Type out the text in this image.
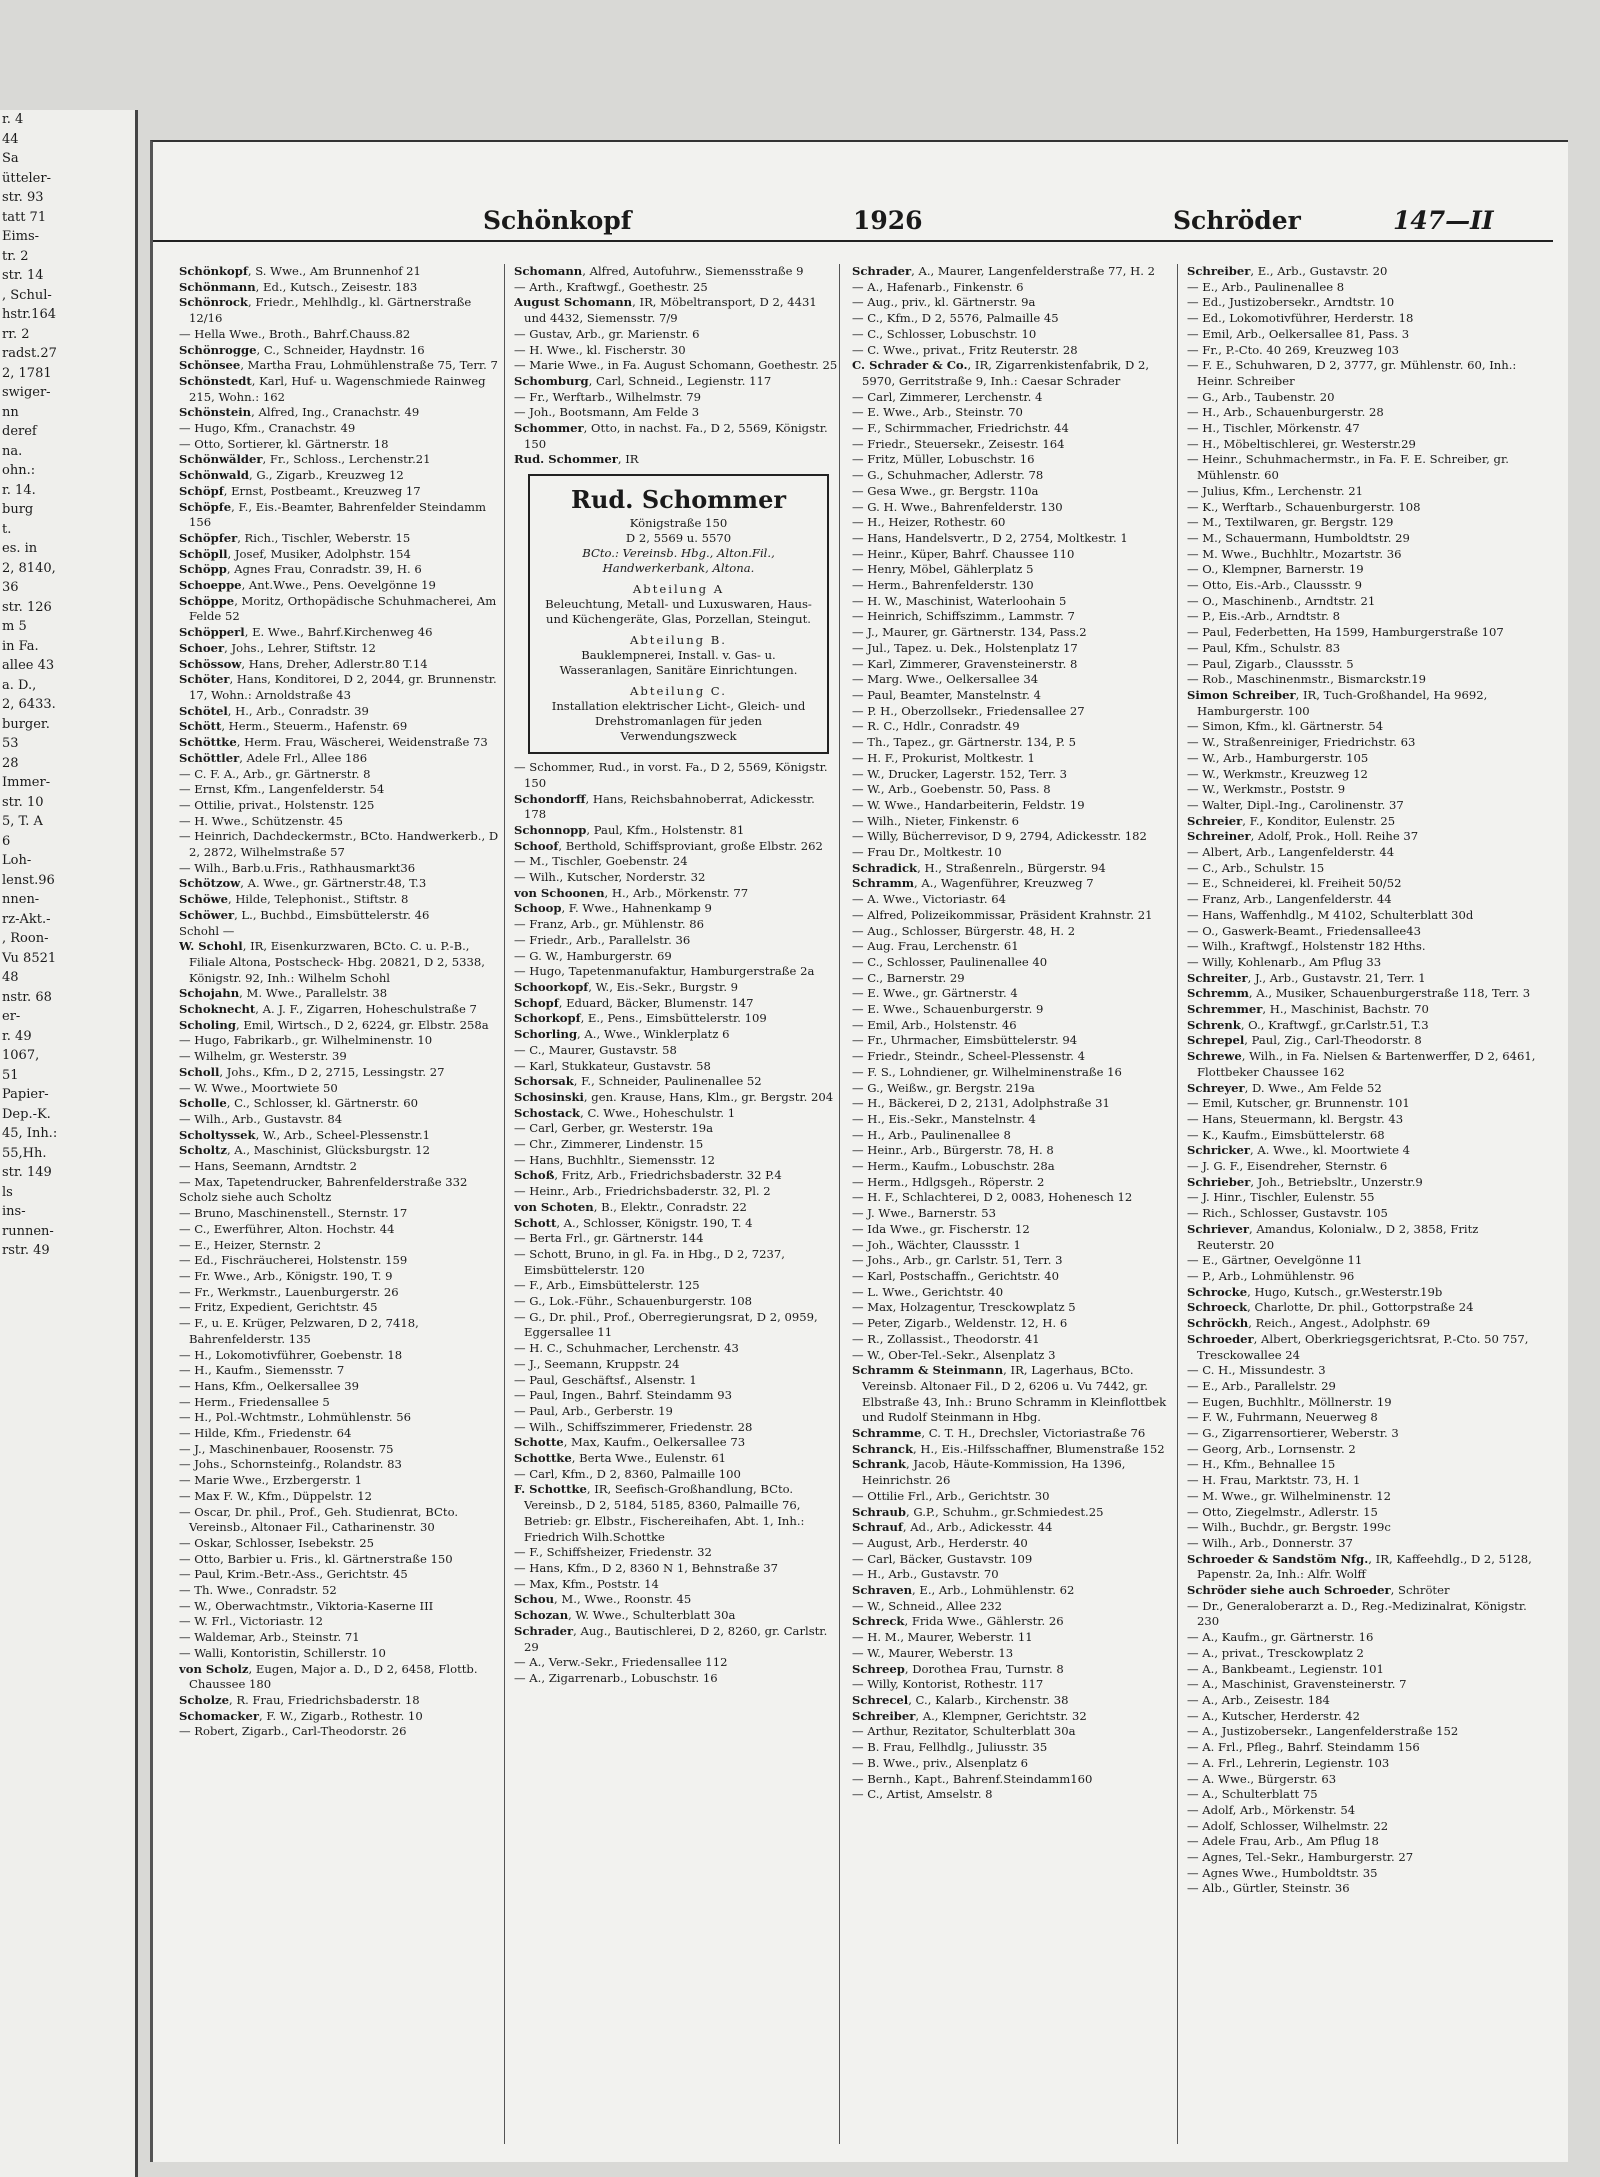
r. 4
44
Sa
ütteler-
str. 93
tatt 71
Eims-
tr. 2
str. 14
, Schul-
hstr.164
rr. 2
radst.27
2, 1781
swiger-
nn
deref
na.
ohn.:
r. 14.
burg
t.
es. in
2, 8140,
36
str. 126
m 5
in Fa.
allee 43
a. D.,
2, 6433.
burger.
53
28
Immer-
str. 10
5, T. A
6
Loh-
lenst.96
nnen-
rz-Akt.-
, Roon-
Vu 8521
48
nstr. 68
er-
r. 49
1067,
51
Papier-
Dep.-K.
45, Inh.:
55,Hh.
str. 149
ls
ins-
runnen-
rstr. 49
Schönkopf	1926	Schröder	147—II

Schönkopf, S. Wwe., Am Brunnenhof 21

Schönmann, Ed., Kutsch., Zeisestr. 183

Schönrock, Friedr., Mehlhdlg., kl. Gärtnerstraße 12/16

— Hella Wwe., Broth., Bahrf.Chauss.82

Schönrogge, C., Schneider, Haydnstr. 16

Schönsee, Martha Frau, Lohmühlenstraße 75, Terr. 7

Schönstedt, Karl, Huf- u. Wagenschmiede Rainweg 215, Wohn.: 162

Schönstein, Alfred, Ing., Cranachstr. 49

— Hugo, Kfm., Cranachstr. 49

— Otto, Sortierer, kl. Gärtnerstr. 18

Schönwälder, Fr., Schloss., Lerchenstr.21

Schönwald, G., Zigarb., Kreuzweg 12

Schöpf, Ernst, Postbeamt., Kreuzweg 17

Schöpfe, F., Eis.-Beamter, Bahrenfelder Steindamm 156

Schöpfer, Rich., Tischler, Weberstr. 15

Schöpll, Josef, Musiker, Adolphstr. 154

Schöpp, Agnes Frau, Conradstr. 39, H. 6

Schoeppe, Ant.Wwe., Pens. Oevelgönne 19

Schöppe, Moritz, Orthopädische Schuhmacherei, Am Felde 52

Schöpperl, E. Wwe., Bahrf.Kirchenweg 46

Schoer, Johs., Lehrer, Stiftstr. 12

Schössow, Hans, Dreher, Adlerstr.80 T.14

Schöter, Hans, Konditorei, D 2, 2044, gr. Brunnenstr. 17, Wohn.: Arnoldstraße 43

Schötel, H., Arb., Conradstr. 39

Schött, Herm., Steuerm., Hafenstr. 69

Schöttke, Herm. Frau, Wäscherei, Weidenstraße 73

Schöttler, Adele Frl., Allee 186

— C. F. A., Arb., gr. Gärtnerstr. 8

— Ernst, Kfm., Langenfelderstr. 54

— Ottilie, privat., Holstenstr. 125

— H. Wwe., Schützenstr. 45

— Heinrich, Dachdeckermstr., BCto. Handwerkerb., D 2, 2872, Wilhelmstraße 57

— Wilh., Barb.u.Fris., Rathhausmarkt36

Schötzow, A. Wwe., gr. Gärtnerstr.48, T.3

Schöwe, Hilde, Telephonist., Stiftstr. 8

Schöwer, L., Buchbd., Eimsbüttelerstr. 46

Schohl —

W. Schohl, IR, Eisenkurzwaren, BCto. C. u. P.-B., Filiale Altona, Postscheck- Hbg. 20821, D 2, 5338, Königstr. 92, Inh.: Wilhelm Schohl

Schojahn, M. Wwe., Parallelstr. 38

Schokneсht, A. J. F., Zigarren, Hoheschulstraße 7

Scholing, Emil, Wirtsch., D 2, 6224, gr. Elbstr. 258a

— Hugo, Fabrikarb., gr. Wilhelminenstr. 10

— Wilhelm, gr. Westerstr. 39

Scholl, Johs., Kfm., D 2, 2715, Lessingstr. 27

— W. Wwe., Moortwiete 50

Scholle, C., Schlosser, kl. Gärtnerstr. 60

— Wilh., Arb., Gustavstr. 84

Scholtyssek, W., Arb., Scheel-Plessenstr.1

Scholtz, A., Maschinist, Glücksburgstr. 12

— Hans, Seemann, Arndtstr. 2

— Max, Tapetendrucker, Bahrenfelderstraße 332

Scholz siehe auch Scholtz

— Bruno, Maschinenstell., Sternstr. 17

— C., Ewerführer, Alton. Hochstr. 44

— E., Heizer, Sternstr. 2

— Ed., Fischräucherei, Holstenstr. 159

— Fr. Wwe., Arb., Königstr. 190, T. 9

— Fr., Werkmstr., Lauenburgerstr. 26

— Fritz, Expedient, Gerichtstr. 45

— F., u. E. Krüger, Pelzwaren, D 2, 7418, Bahrenfelderstr. 135

— H., Lokomotivführer, Goebenstr. 18

— H., Kaufm., Siemensstr. 7

— Hans, Kfm., Oelkersallee 39

— Herm., Friedensallee 5

— H., Pol.-Wchtmstr., Lohmühlenstr. 56

— Hilde, Kfm., Friedenstr. 64

— J., Maschinenbauer, Roosenstr. 75

— Johs., Schornsteinfg., Rolandstr. 83

— Marie Wwe., Erzbergerstr. 1

— Max F. W., Kfm., Düppelstr. 12

— Oscar, Dr. phil., Prof., Geh. Studienrat, BCto. Vereinsb., Altonaer Fil., Catharinenstr. 30

— Oskar, Schlosser, Isebekstr. 25

— Otto, Barbier u. Fris., kl. Gärtnerstraße 150

— Paul, Krim.-Betr.-Ass., Gerichtstr. 45

— Th. Wwe., Conradstr. 52

— W., Oberwachtmstr., Viktoria-Kaserne III

— W. Frl., Victoriastr. 12

— Waldemar, Arb., Steinstr. 71

— Walli, Kontoristin, Schillerstr. 10

von Scholz, Eugen, Major a. D., D 2, 6458, Flottb. Chaussee 180

Scholze, R. Frau, Friedrichsbaderstr. 18

Schomacker, F. W., Zigarb., Rothestr. 10

— Robert, Zigarb., Carl-Theodorstr. 26

Schomann, Alfred, Autofuhrw., Siemensstraße 9

— Arth., Kraftwgf., Goethestr. 25

August Schomann, IR, Möbeltransport, D 2, 4431 und 4432, Siemensstr. 7/9

— Gustav, Arb., gr. Marienstr. 6

— H. Wwe., kl. Fischerstr. 30

— Marie Wwe., in Fa. August Schomann, Goethestr. 25

Schomburg, Carl, Schneid., Legienstr. 117

— Fr., Werftarb., Wilhelmstr. 79

— Joh., Bootsmann, Am Felde 3

Schommer, Otto, in nachst. Fa., D 2, 5569, Königstr. 150

Rud. Schommer, IR

Rud. Schommer
Königstraße 150
D 2, 5569 u. 5570
BCto.: Vereinsb. Hbg., Alton.Fil., Handwerkerbank, Altona.
Abteilung A
Beleuchtung, Metall- und Luxuswaren, Haus- und Küchengeräte, Glas, Porzellan, Steingut.
Abteilung B.
Bauklempnerei, Install. v. Gas- u. Wasseranlagen, Sanitäre Einrichtungen.
Abteilung C.
Installation elektrischer Licht-, Gleich- und Drehstromanlagen für jeden Verwendungszweck

— Schommer, Rud., in vorst. Fa., D 2, 5569, Königstr. 150

Schondorff, Hans, Reichsbahnoberrat, Adickesstr. 178

Schonnopp, Paul, Kfm., Holstenstr. 81

Schoof, Berthold, Schiffsproviant, große Elbstr. 262

— M., Tischler, Goebenstr. 24

— Wilh., Kutscher, Norderstr. 32

von Schoonen, H., Arb., Mörkenstr. 77

Schoop, F. Wwe., Hahnenkamp 9

— Franz, Arb., gr. Mühlenstr. 86

— Friedr., Arb., Parallelstr. 36

— G. W., Hamburgerstr. 69

— Hugo, Tapetenmanufaktur, Hamburgerstraße 2a

Schoorkopf, W., Eis.-Sekr., Burgstr. 9

Schopf, Eduard, Bäcker, Blumenstr. 147

Schorkopf, E., Pens., Eimsbüttelerstr. 109

Schorling, A., Wwe., Winklerplatz 6

— C., Maurer, Gustavstr. 58

— Karl, Stukkateur, Gustavstr. 58

Schorsak, F., Schneider, Paulinenallee 52

Schosinski, gen. Krause, Hans, Klm., gr. Bergstr. 204

Schostack, C. Wwe., Hoheschulstr. 1

— Carl, Gerber, gr. Westerstr. 19a

— Chr., Zimmerer, Lindenstr. 15

— Hans, Buchhltr., Siemensstr. 12

Schoß, Fritz, Arb., Friedrichsbaderstr. 32 P.4

— Heinr., Arb., Friedrichsbaderstr. 32, Pl. 2

von Schoten, B., Elektr., Conradstr. 22

Schott, A., Schlosser, Königstr. 190, T. 4

— Berta Frl., gr. Gärtnerstr. 144

— Schott, Bruno, in gl. Fa. in Hbg., D 2, 7237, Eimsbüttelerstr. 120

— F., Arb., Eimsbüttelerstr. 125

— G., Lok.-Führ., Schauenburgerstr. 108

— G., Dr. phil., Prof., Oberregierungsrat, D 2, 0959, Eggersallee 11

— H. C., Schuhmacher, Lerchenstr. 43

— J., Seemann, Kruppstr. 24

— Paul, Geschäftsf., Alsenstr. 1

— Paul, Ingen., Bahrf. Steindamm 93

— Paul, Arb., Gerberstr. 19

— Wilh., Schiffszimmerer, Friedenstr. 28

Schotte, Max, Kaufm., Oelkersallee 73

Schottke, Berta Wwe., Eulenstr. 61

— Carl, Kfm., D 2, 8360, Palmaille 100

F. Schottke, IR, Seefisch-Großhandlung, BCto. Vereinsb., D 2, 5184, 5185, 8360, Palmaille 76, Betrieb: gr. Elbstr., Fischereihafen, Abt. 1, Inh.: Friedrich Wilh.Schottke

— F., Schiffsheizer, Friedenstr. 32

— Hans, Kfm., D 2, 8360 N 1, Behnstraße 37

— Max, Kfm., Poststr. 14

Schou, M., Wwe., Roonstr. 45

Schozan, W. Wwe., Schulterblatt 30a

Schrader, Aug., Bautischlerei, D 2, 8260, gr. Carlstr. 29

— A., Verw.-Sekr., Friedensallee 112

— A., Zigarrenarb., Lobuschstr. 16

Schrader, A., Maurer, Langenfelderstraße 77, H. 2

— A., Hafenarb., Finkenstr. 6

— Aug., priv., kl. Gärtnerstr. 9a

— C., Kfm., D 2, 5576, Palmaille 45

— C., Schlosser, Lobuschstr. 10

— C. Wwe., privat., Fritz Reuterstr. 28

C. Schrader & Co., IR, Zigarrenkistenfabrik, D 2, 5970, Gerritstraße 9, Inh.: Caesar Schrader

— Carl, Zimmerer, Lerchenstr. 4

— E. Wwe., Arb., Steinstr. 70

— F., Schirmmacher, Friedrichstr. 44

— Friedr., Steuersekr., Zeisestr. 164

— Fritz, Müller, Lobuschstr. 16

— G., Schuhmacher, Adlerstr. 78

— Gesa Wwe., gr. Bergstr. 110a

— G. H. Wwe., Bahrenfelderstr. 130

— H., Heizer, Rothestr. 60

— Hans, Handelsvertr., D 2, 2754, Moltkestr. 1

— Heinr., Küper, Bahrf. Chaussee 110

— Henry, Möbel, Gählerplatz 5

— Herm., Bahrenfelderstr. 130

— H. W., Maschinist, Waterloohain 5

— Heinrich, Schiffszimm., Lammstr. 7

— J., Maurer, gr. Gärtnerstr. 134, Pass.2

— Jul., Tapez. u. Dek., Holstenplatz 17

— Karl, Zimmerer, Gravensteinerstr. 8

— Marg. Wwe., Oelkersallee 34

— Paul, Beamter, Manstelnstr. 4

— P. H., Oberzollsekr., Friedensallee 27

— R. C., Hdlr., Conradstr. 49

— Th., Tapez., gr. Gärtnerstr. 134, P. 5

— H. F., Prokurist, Moltkestr. 1

— W., Drucker, Lagerstr. 152, Terr. 3

— W., Arb., Goebenstr. 50, Pass. 8

— W. Wwe., Handarbeiterin, Feldstr. 19

— Wilh., Nieter, Finkenstr. 6

— Willy, Bücherrevisor, D 9, 2794, Adickesstr. 182

— Frau Dr., Moltkestr. 10

Schradick, H., Straßenreln., Bürgerstr. 94

Schramm, A., Wagenführer, Kreuzweg 7

— A. Wwe., Victoriastr. 64

— Alfred, Polizeikommissar, Präsident Krahnstr. 21

— Aug., Schlosser, Bürgerstr. 48, H. 2

— Aug. Frau, Lerchenstr. 61

— C., Schlosser, Paulinenallee 40

— C., Barnerstr. 29

— E. Wwe., gr. Gärtnerstr. 4

— E. Wwe., Schauenburgerstr. 9

— Emil, Arb., Holstenstr. 46

— Fr., Uhrmacher, Eimsbüttelerstr. 94

— Friedr., Steindr., Scheel-Plessenstr. 4

— F. S., Lohndiener, gr. Wilhelminenstraße 16

— G., Weißw., gr. Bergstr. 219a

— H., Bäckerei, D 2, 2131, Adolphstraße 31

— H., Eis.-Sekr., Manstelnstr. 4

— H., Arb., Paulinenallee 8

— Heinr., Arb., Bürgerstr. 78, H. 8

— Herm., Kaufm., Lobuschstr. 28a

— Herm., Hdlgsgeh., Röperstr. 2

— H. F., Schlachterei, D 2, 0083, Hohenesch 12

— J. Wwe., Barnerstr. 53

— Ida Wwe., gr. Fischerstr. 12

— Joh., Wächter, Claussstr. 1

— Johs., Arb., gr. Carlstr. 51, Terr. 3

— Karl, Postschaffn., Gerichtstr. 40

— L. Wwe., Gerichtstr. 40

— Max, Holzagentur, Tresckowplatz 5

— Peter, Zigarb., Weldenstr. 12, H. 6

— R., Zollassist., Theodorstr. 41

— W., Ober-Tel.-Sekr., Alsenplatz 3

Schramm & Steinmann, IR, Lagerhaus, BCto. Vereinsb. Altonaer Fil., D 2, 6206 u. Vu 7442, gr. Elbstraße 43, Inh.: Bruno Schramm in Kleinflottbek und Rudolf Steinmann in Hbg.

Schramme, C. T. H., Drechsler, Victoriastraße 76

Schranck, H., Eis.-Hilfsschaffner, Blumenstraße 152

Schrank, Jacob, Häute-Kommission, Ha 1396, Heinrichstr. 26

— Ottilie Frl., Arb., Gerichtstr. 30

Schraub, G.P., Schuhm., gr.Schmiedest.25

Schrauf, Ad., Arb., Adickesstr. 44

— August, Arb., Herderstr. 40

— Carl, Bäcker, Gustavstr. 109

— H., Arb., Gustavstr. 70

Schraven, E., Arb., Lohmühlenstr. 62

— W., Schneid., Allee 232

Schreck, Frida Wwe., Gählerstr. 26

— H. M., Maurer, Weberstr. 11

— W., Maurer, Weberstr. 13

Schreep, Dorothea Frau, Turnstr. 8

— Willy, Kontorist, Rothestr. 117

Schrecel, C., Kalarb., Kirchenstr. 38

Schreiber, A., Klempner, Gerichtstr. 32

— Arthur, Rezitator, Schulterblatt 30a

— B. Frau, Fellhdlg., Juliusstr. 35

— B. Wwe., priv., Alsenplatz 6

— Bernh., Kapt., Bahrenf.Steindamm160

— C., Artist, Amselstr. 8

Schreiber, E., Arb., Gustavstr. 20

— E., Arb., Paulinenallee 8

— Ed., Justizobersekr., Arndtstr. 10

— Ed., Lokomotivführer, Herderstr. 18

— Emil, Arb., Oelkersallee 81, Pass. 3

— Fr., P.-Cto. 40 269, Kreuzweg 103

— F. E., Schuhwaren, D 2, 3777, gr. Mühlenstr. 60, Inh.: Heinr. Schreiber

— G., Arb., Taubenstr. 20

— H., Arb., Schauenburgerstr. 28

— H., Tischler, Mörkenstr. 47

— H., Möbeltischlerei, gr. Westerstr.29

— Heinr., Schuhmachermstr., in Fa. F. E. Schreiber, gr. Mühlenstr. 60

— Julius, Kfm., Lerchenstr. 21

— K., Werftarb., Schauenburgerstr. 108

— M., Textilwaren, gr. Bergstr. 129

— M., Schauermann, Humboldtstr. 29

— M. Wwe., Buchhltr., Mozartstr. 36

— O., Klempner, Barnerstr. 19

— Otto, Eis.-Arb., Claussstr. 9

— O., Maschinenb., Arndtstr. 21

— P., Eis.-Arb., Arndtstr. 8

— Paul, Federbetten, Ha 1599, Hamburgerstraße 107

— Paul, Kfm., Schulstr. 83

— Paul, Zigarb., Claussstr. 5

— Rob., Maschinenmstr., Bismarckstr.19

Simon Schreiber, IR, Tuch-Großhandel, Ha 9692, Hamburgerstr. 100

— Simon, Kfm., kl. Gärtnerstr. 54

— W., Straßenreiniger, Friedrichstr. 63

— W., Arb., Hamburgerstr. 105

— W., Werkmstr., Kreuzweg 12

— W., Werkmstr., Poststr. 9

— Walter, Dipl.-Ing., Carolinenstr. 37

Schreier, F., Konditor, Eulenstr. 25

Schreiner, Adolf, Prok., Holl. Reihe 37

— Albert, Arb., Langenfelderstr. 44

— C., Arb., Schulstr. 15

— E., Schneiderei, kl. Freiheit 50/52

— Franz, Arb., Langenfelderstr. 44

— Hans, Waffenhdlg., M 4102, Schulterblatt 30d

— O., Gaswerk-Beamt., Friedensallee43

— Wilh., Kraftwgf., Holstenstr 182 Hths.

— Willy, Kohlenarb., Am Pflug 33

Schreiter, J., Arb., Gustavstr. 21, Terr. 1

Schremm, A., Musiker, Schauenburgerstraße 118, Terr. 3

Schremmer, H., Maschinist, Bachstr. 70

Schrenk, O., Kraftwgf., gr.Carlstr.51, T.3

Schrepel, Paul, Zig., Carl-Theodorstr. 8

Schrewe, Wilh., in Fa. Nielsen & Bartenwerffer, D 2, 6461, Flottbeker Chaussee 162

Schreyer, D. Wwe., Am Felde 52

— Emil, Kutscher, gr. Brunnenstr. 101

— Hans, Steuermann, kl. Bergstr. 43

— K., Kaufm., Eimsbüttelerstr. 68

Schricker, A. Wwe., kl. Moortwiete 4

— J. G. F., Eisendreher, Sternstr. 6

Schrieber, Joh., Betriebsltr., Unzerstr.9

— J. Hinr., Tischler, Eulenstr. 55

— Rich., Schlosser, Gustavstr. 105

Schriever, Amandus, Kolonialw., D 2, 3858, Fritz Reuterstr. 20

— E., Gärtner, Oevelgönne 11

— P., Arb., Lohmühlenstr. 96

Schrocke, Hugo, Kutsch., gr.Westerstr.19b

Schroeck, Charlotte, Dr. phil., Gottorpstraße 24

Schröckh, Reich., Angest., Adolphstr. 69

Schroeder, Albert, Oberkriegsgerichtsrat, P.-Cto. 50 757, Tresckowallee 24

— C. H., Missundestr. 3

— E., Arb., Parallelstr. 29

— Eugen, Buchhltr., Möllnerstr. 19

— F. W., Fuhrmann, Neuerweg 8

— G., Zigarrensortierer, Weberstr. 3

— Georg, Arb., Lornsenstr. 2

— H., Kfm., Behnallee 15

— H. Frau, Marktstr. 73, H. 1

— M. Wwe., gr. Wilhelminenstr. 12

— Otto, Ziegelmstr., Adlerstr. 15

— Wilh., Buchdr., gr. Bergstr. 199c

— Wilh., Arb., Donnerstr. 37

Schroeder & Sandstöm Nfg., IR, Kaffeehdlg., D 2, 5128, Papenstr. 2a, Inh.: Alfr. Wolff

Schröder siehe auch Schroeder, Schröter

— Dr., Generaloberarzt a. D., Reg.-Medizinalrat, Königstr. 230

— A., Kaufm., gr. Gärtnerstr. 16

— A., privat., Tresckowplatz 2

— A., Bankbeamt., Legienstr. 101

— A., Maschinist, Gravensteinerstr. 7

— A., Arb., Zeisestr. 184

— A., Kutscher, Herderstr. 42

— A., Justizobersekr., Langenfelderstraße 152

— A. Frl., Pfleg., Bahrf. Steindamm 156

— A. Frl., Lehrerin, Legienstr. 103

— A. Wwe., Bürgerstr. 63

— A., Schulterblatt 75

— Adolf, Arb., Mörkenstr. 54

— Adolf, Schlosser, Wilhelmstr. 22

— Adele Frau, Arb., Am Pflug 18

— Agnes, Tel.-Sekr., Hamburgerstr. 27

— Agnes Wwe., Humboldtstr. 35

— Alb., Gürtler, Steinstr. 36
